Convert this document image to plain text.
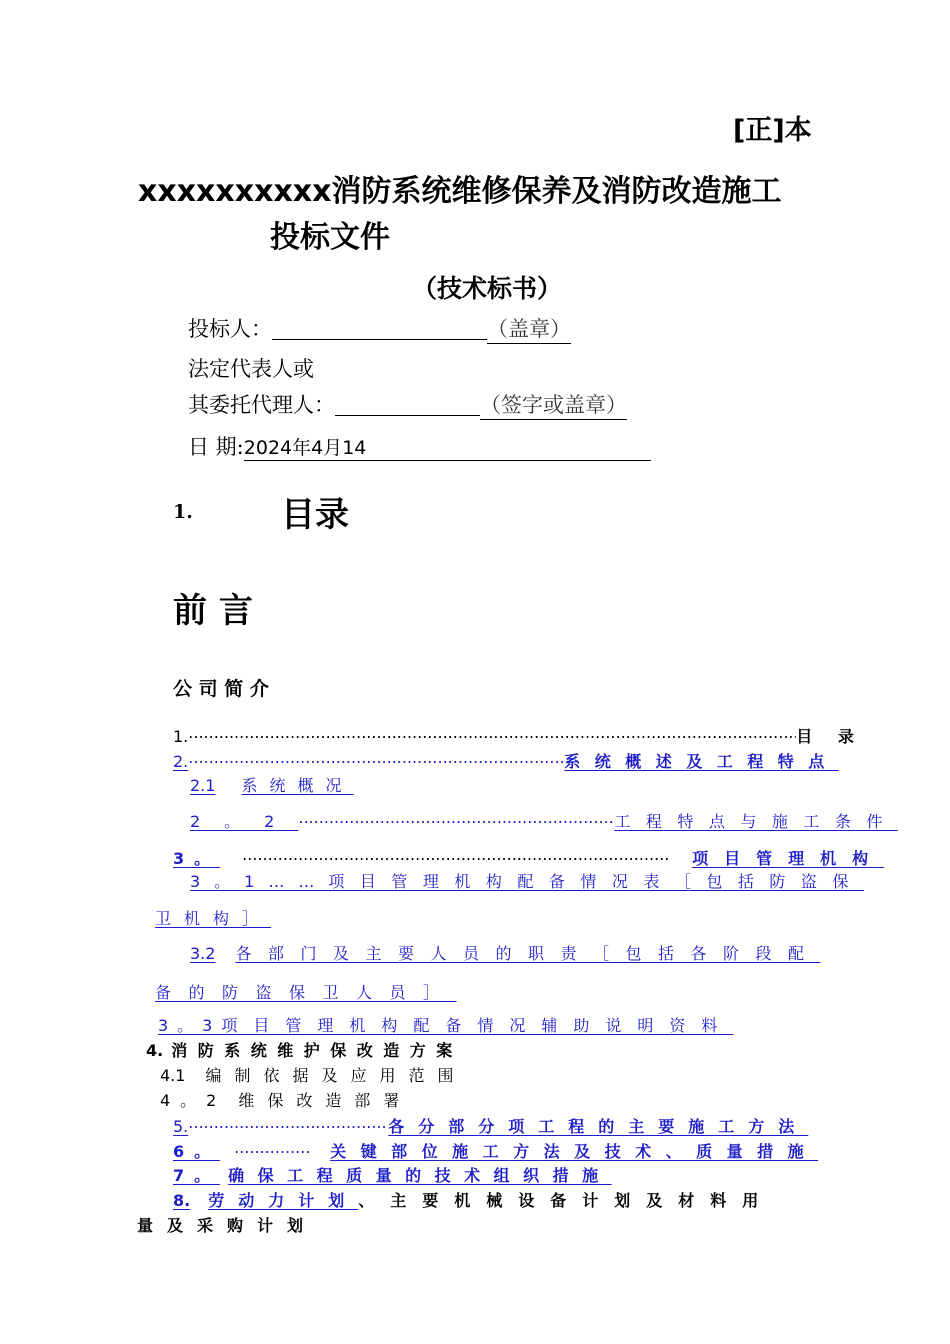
[正]本
xxxxxxxxxx消防系统维修保养及消防改造施工
投标文件
（技术标书）
投标人：	（盖章）
法定代表人或
其委托代理人：	（签字或盖章）
日 期:2024年4月14
1.	目录
前 言
公 司 简 介
1. .....	目 录
2. .....	系统概述及工程特点
2.1 系统概况
2。2 .....	工程特点与施工条件
3。 .....	项目管理机构
3。1……项目管理机构配备情况表［包括防盗保
卫机构］
3.2 各部门及主要人员的职责［包括各阶段配
备的防盗保卫人员］
3。3项目管理机构配备情况辅助说明资料
4. 消防系统维护保改造方案
4.1 编制依据及应用范围
4。2 维保改造部署
5. .....	各分部分项工程的主要施工方法
6。 .....	关键部位施工方法及技术、质量措施
7。 确保工程质量的技术组织措施
8. 劳动力计划、主要机械设备计划及材料用
量及采购计划
